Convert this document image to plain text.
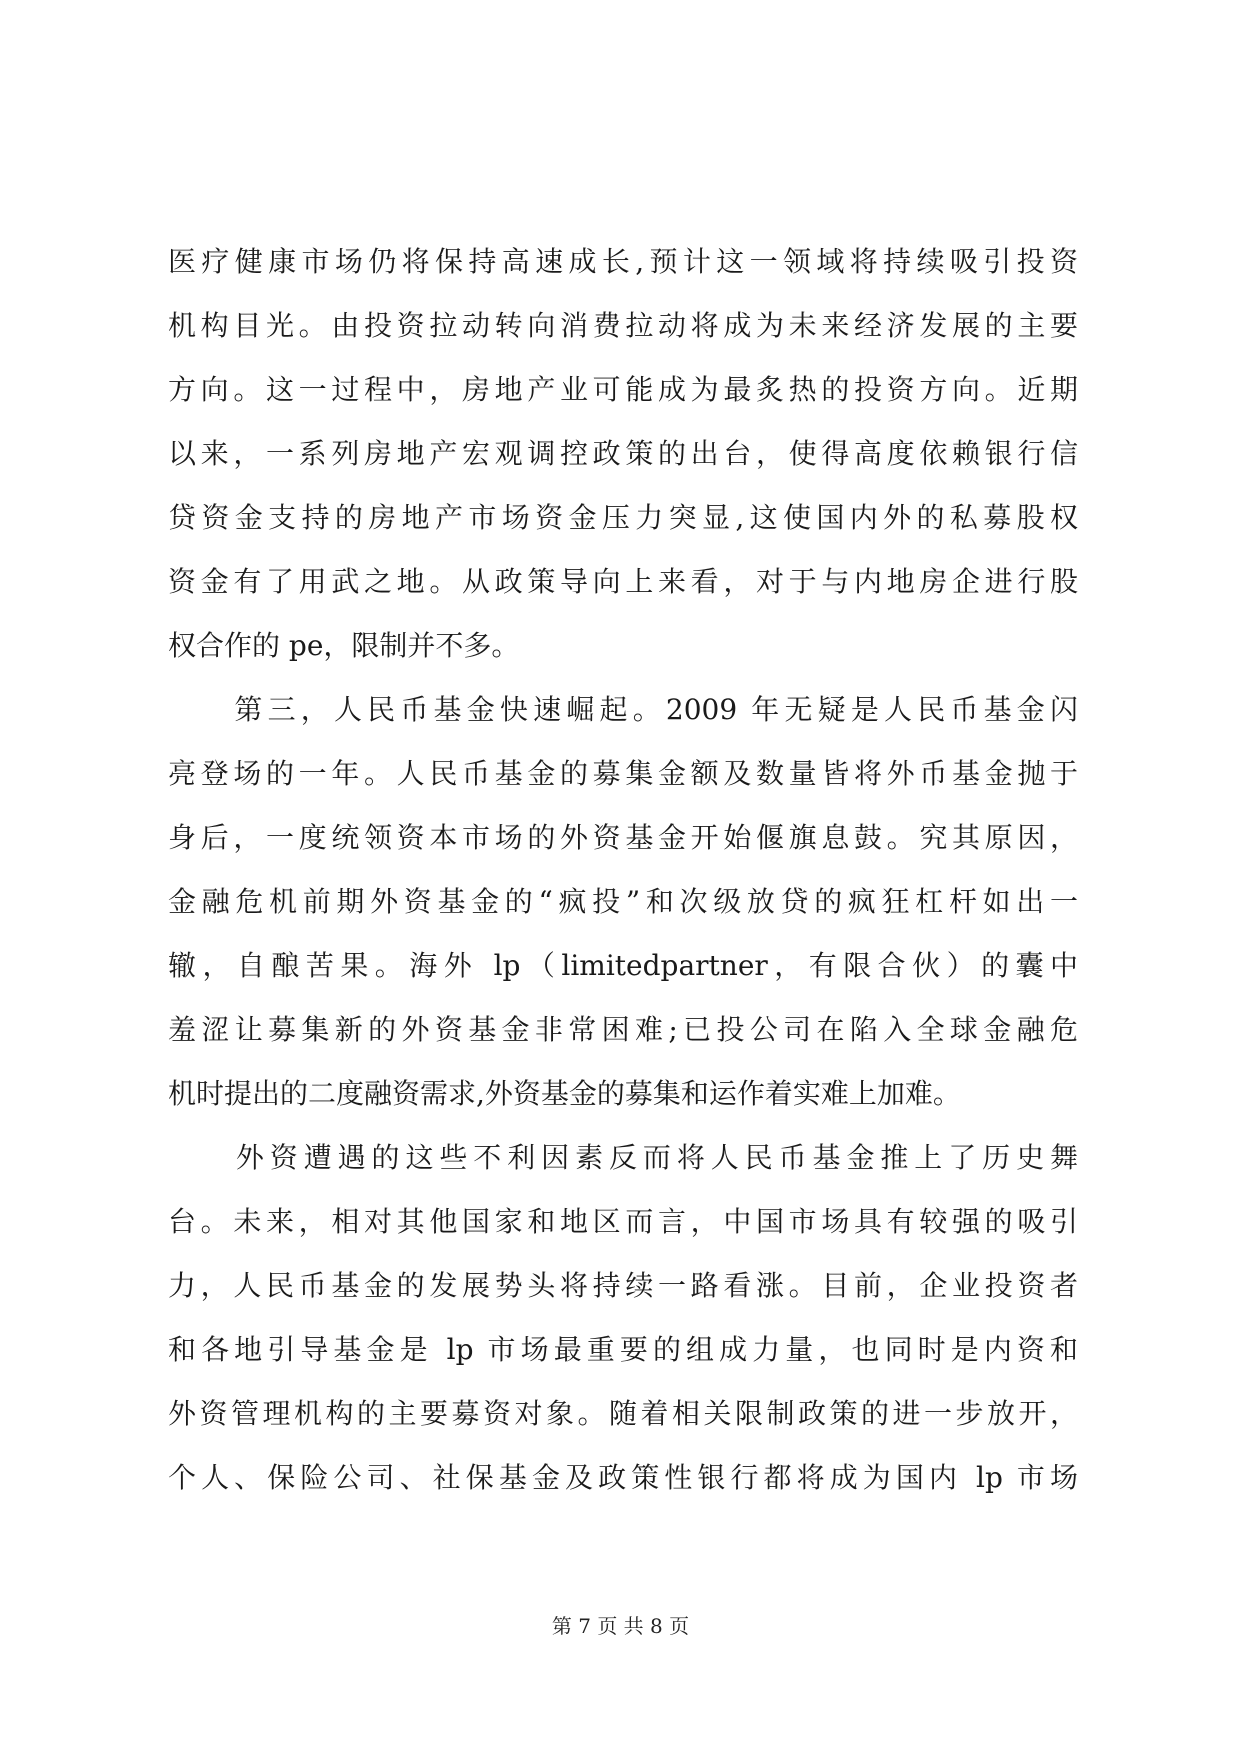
医疗健康市场仍将保持高速成长,预计这一领域将持续吸引投资
机构目光。由投资拉动转向消费拉动将成为未来经济发展的主要
方向。这一过程中，房地产业可能成为最炙热的投资方向。近期
以来，一系列房地产宏观调控政策的出台，使得高度依赖银行信
贷资金支持的房地产市场资金压力突显,这使国内外的私募股权
资金有了用武之地。从政策导向上来看，对于与内地房企进行股
权合作的 pe，限制并不多。
　　第三，人民币基金快速崛起。2009 年无疑是人民币基金闪
亮登场的一年。人民币基金的募集金额及数量皆将外币基金抛于
身后，一度统领资本市场的外资基金开始偃旗息鼓。究其原因，
金融危机前期外资基金的“疯投”和次级放贷的疯狂杠杆如出一
辙，自酿苦果。海外 lp（limitedpartner，有限合伙）的囊中
羞涩让募集新的外资基金非常困难;已投公司在陷入全球金融危
机时提出的二度融资需求,外资基金的募集和运作着实难上加难。
　　外资遭遇的这些不利因素反而将人民币基金推上了历史舞
台。未来，相对其他国家和地区而言，中国市场具有较强的吸引
力，人民币基金的发展势头将持续一路看涨。目前，企业投资者
和各地引导基金是 lp 市场最重要的组成力量，也同时是内资和
外资管理机构的主要募资对象。随着相关限制政策的进一步放开，
个人、保险公司、社保基金及政策性银行都将成为国内 lp 市场
第 7 页 共 8 页
